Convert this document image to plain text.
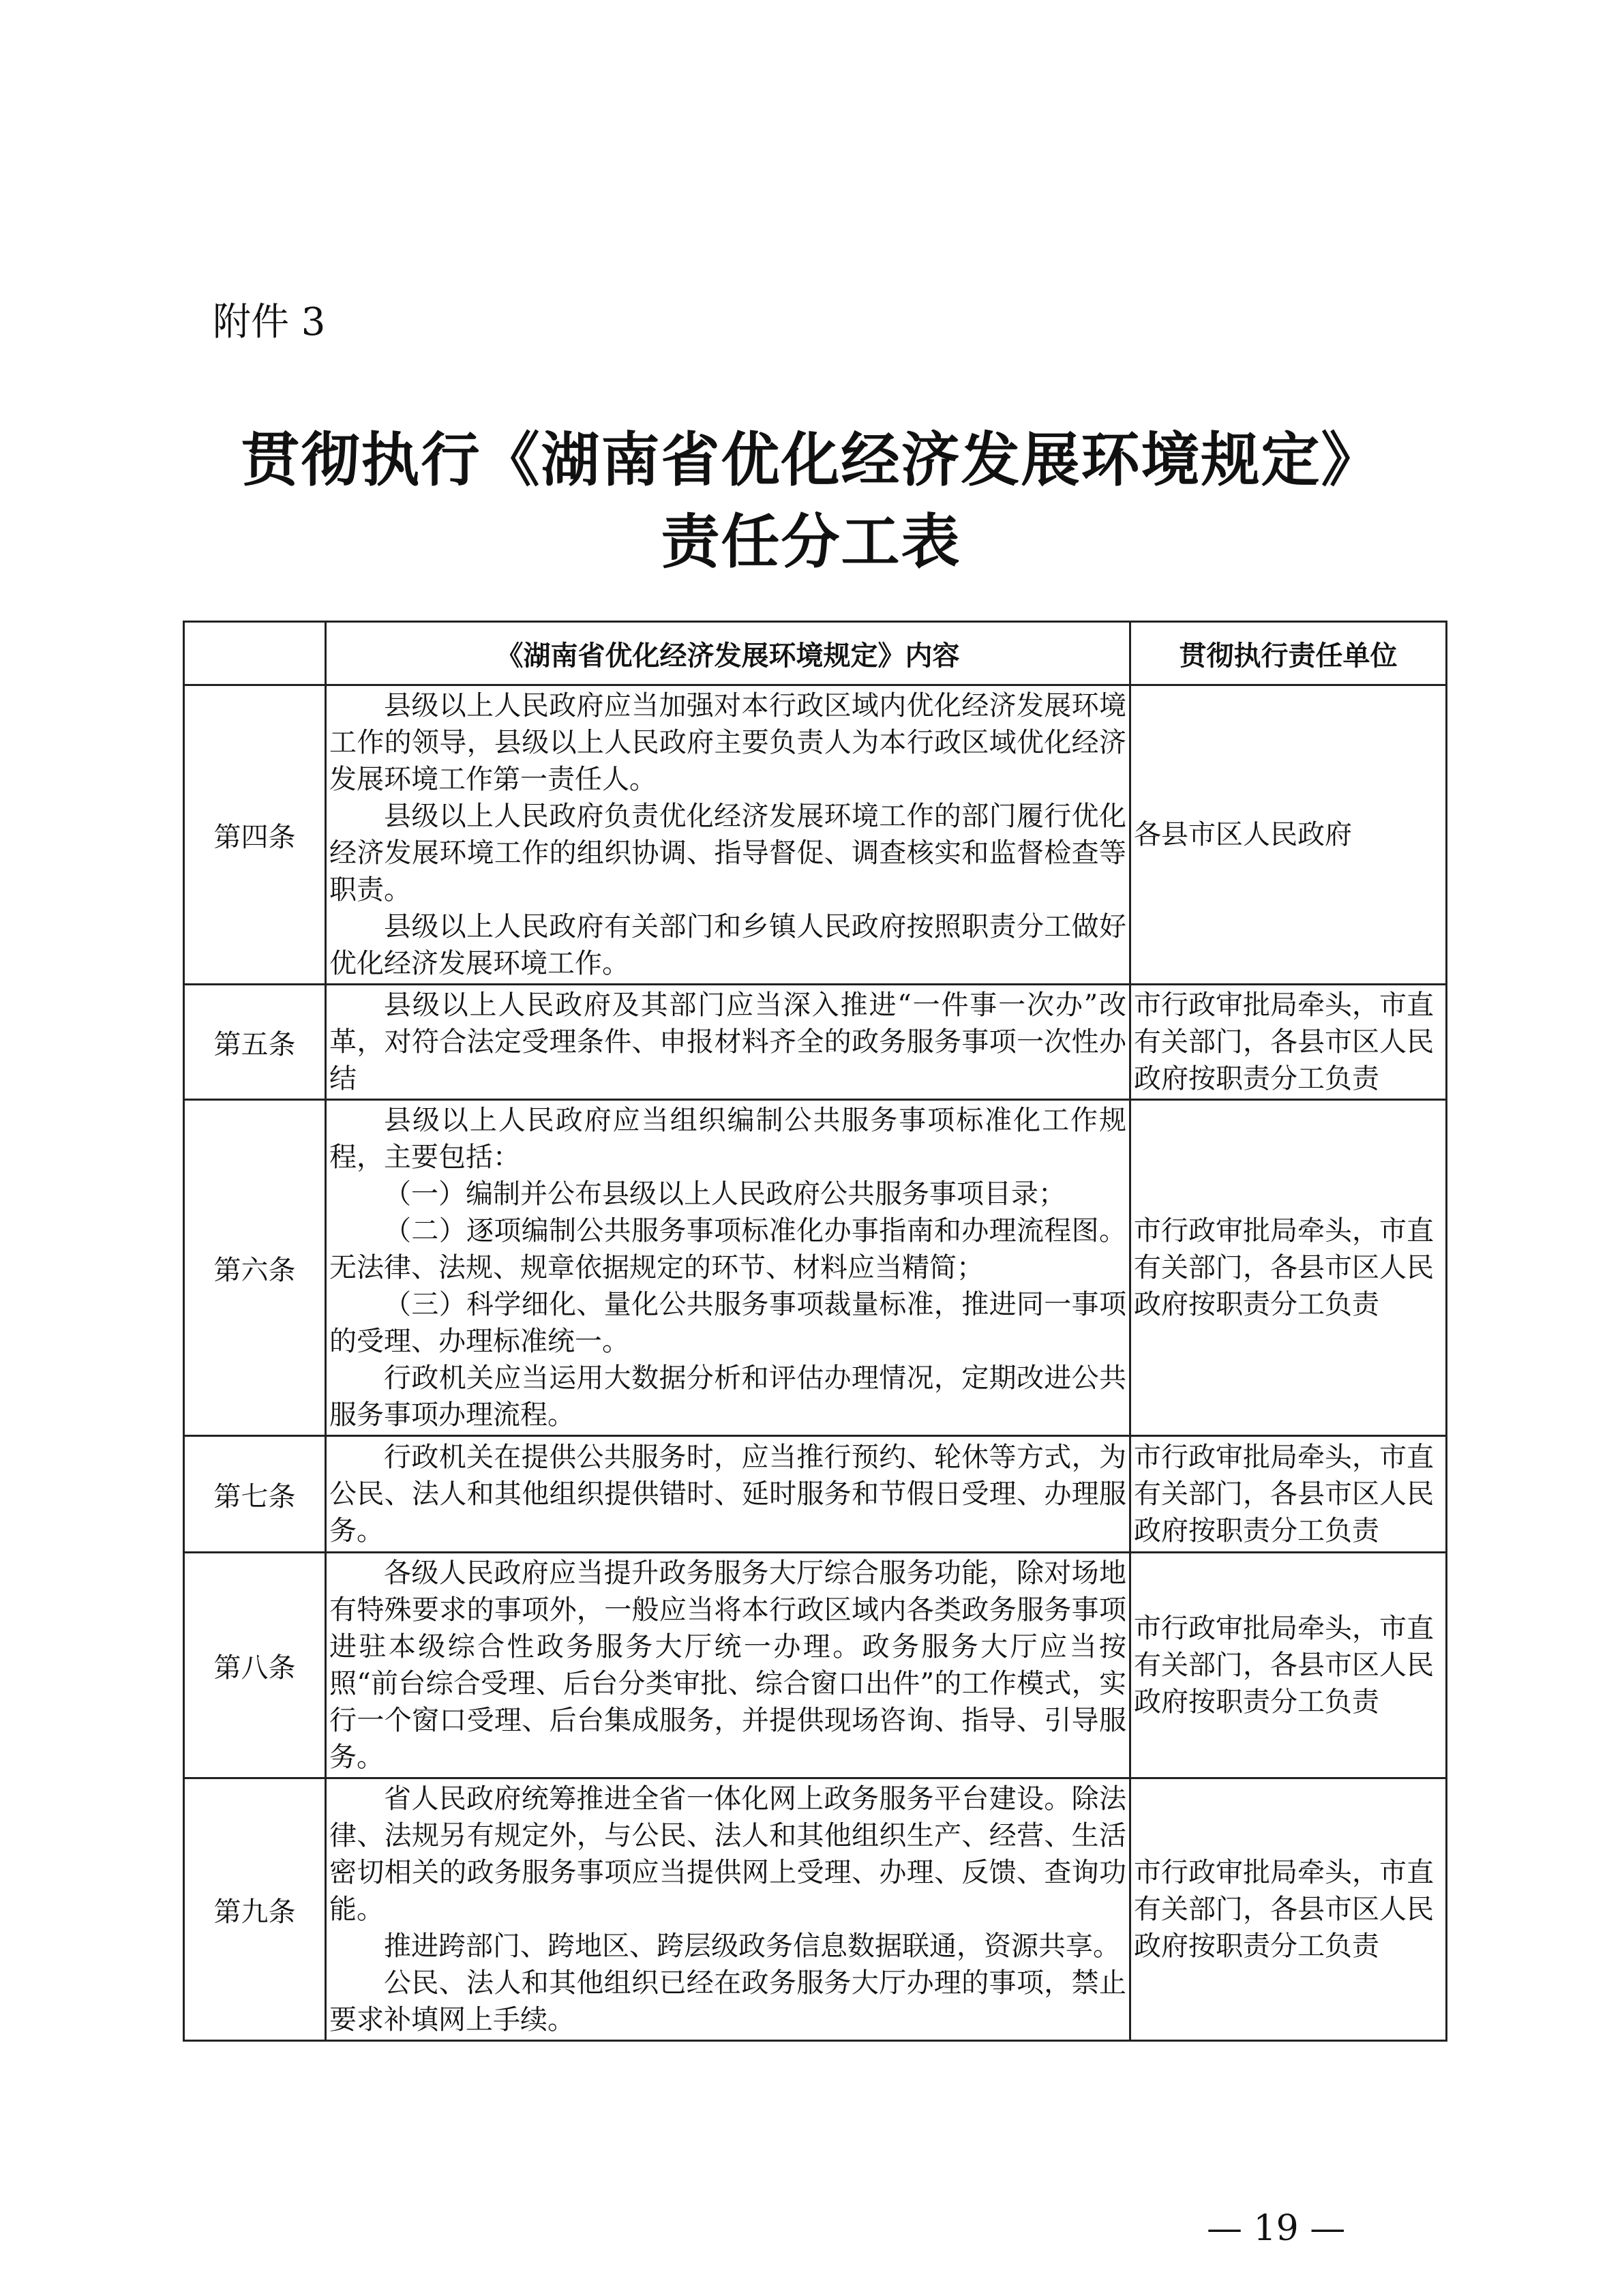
附件 3
贯彻执行《湖南省优化经济发展环境规定》
责任分工表
	《湖南省优化经济发展环境规定》内容	贯彻执行责任单位
第四条	县级以上人民政府应当加强对本行政区域内优化经济发展环境工作的领导，县级以上人民政府主要负责人为本行政区域优化经济发展环境工作第一责任人。

县级以上人民政府负责优化经济发展环境工作的部门履行优化经济发展环境工作的组织协调、指导督促、调查核实和监督检查等职责。

县级以上人民政府有关部门和乡镇人民政府按照职责分工做好优化经济发展环境工作。	各县市区人民政府
第五条	县级以上人民政府及其部门应当深入推进“一件事一次办”改革，对符合法定受理条件、申报材料齐全的政务服务事项一次性办结	市行政审批局牵头，市直有关部门，各县市区人民政府按职责分工负责
第六条	县级以上人民政府应当组织编制公共服务事项标准化工作规程，主要包括：

（一）编制并公布县级以上人民政府公共服务事项目录；

（二）逐项编制公共服务事项标准化办事指南和办理流程图。无法律、法规、规章依据规定的环节、材料应当精简；

（三）科学细化、量化公共服务事项裁量标准，推进同一事项的受理、办理标准统一。

行政机关应当运用大数据分析和评估办理情况，定期改进公共服务事项办理流程。	市行政审批局牵头，市直有关部门，各县市区人民政府按职责分工负责
第七条	行政机关在提供公共服务时，应当推行预约、轮休等方式，为公民、法人和其他组织提供错时、延时服务和节假日受理、办理服务。	市行政审批局牵头，市直有关部门，各县市区人民政府按职责分工负责
第八条	各级人民政府应当提升政务服务大厅综合服务功能，除对场地有特殊要求的事项外，一般应当将本行政区域内各类政务服务事项进驻本级综合性政务服务大厅统一办理。政务服务大厅应当按照“前台综合受理、后台分类审批、综合窗口出件”的工作模式，实行一个窗口受理、后台集成服务，并提供现场咨询、指导、引导服务。	市行政审批局牵头，市直有关部门，各县市区人民政府按职责分工负责
第九条	省人民政府统筹推进全省一体化网上政务服务平台建设。除法律、法规另有规定外，与公民、法人和其他组织生产、经营、生活密切相关的政务服务事项应当提供网上受理、办理、反馈、查询功能。

推进跨部门、跨地区、跨层级政务信息数据联通，资源共享。

公民、法人和其他组织已经在政务服务大厅办理的事项，禁止要求补填网上手续。	市行政审批局牵头，市直有关部门，各县市区人民政府按职责分工负责
— 19 —
